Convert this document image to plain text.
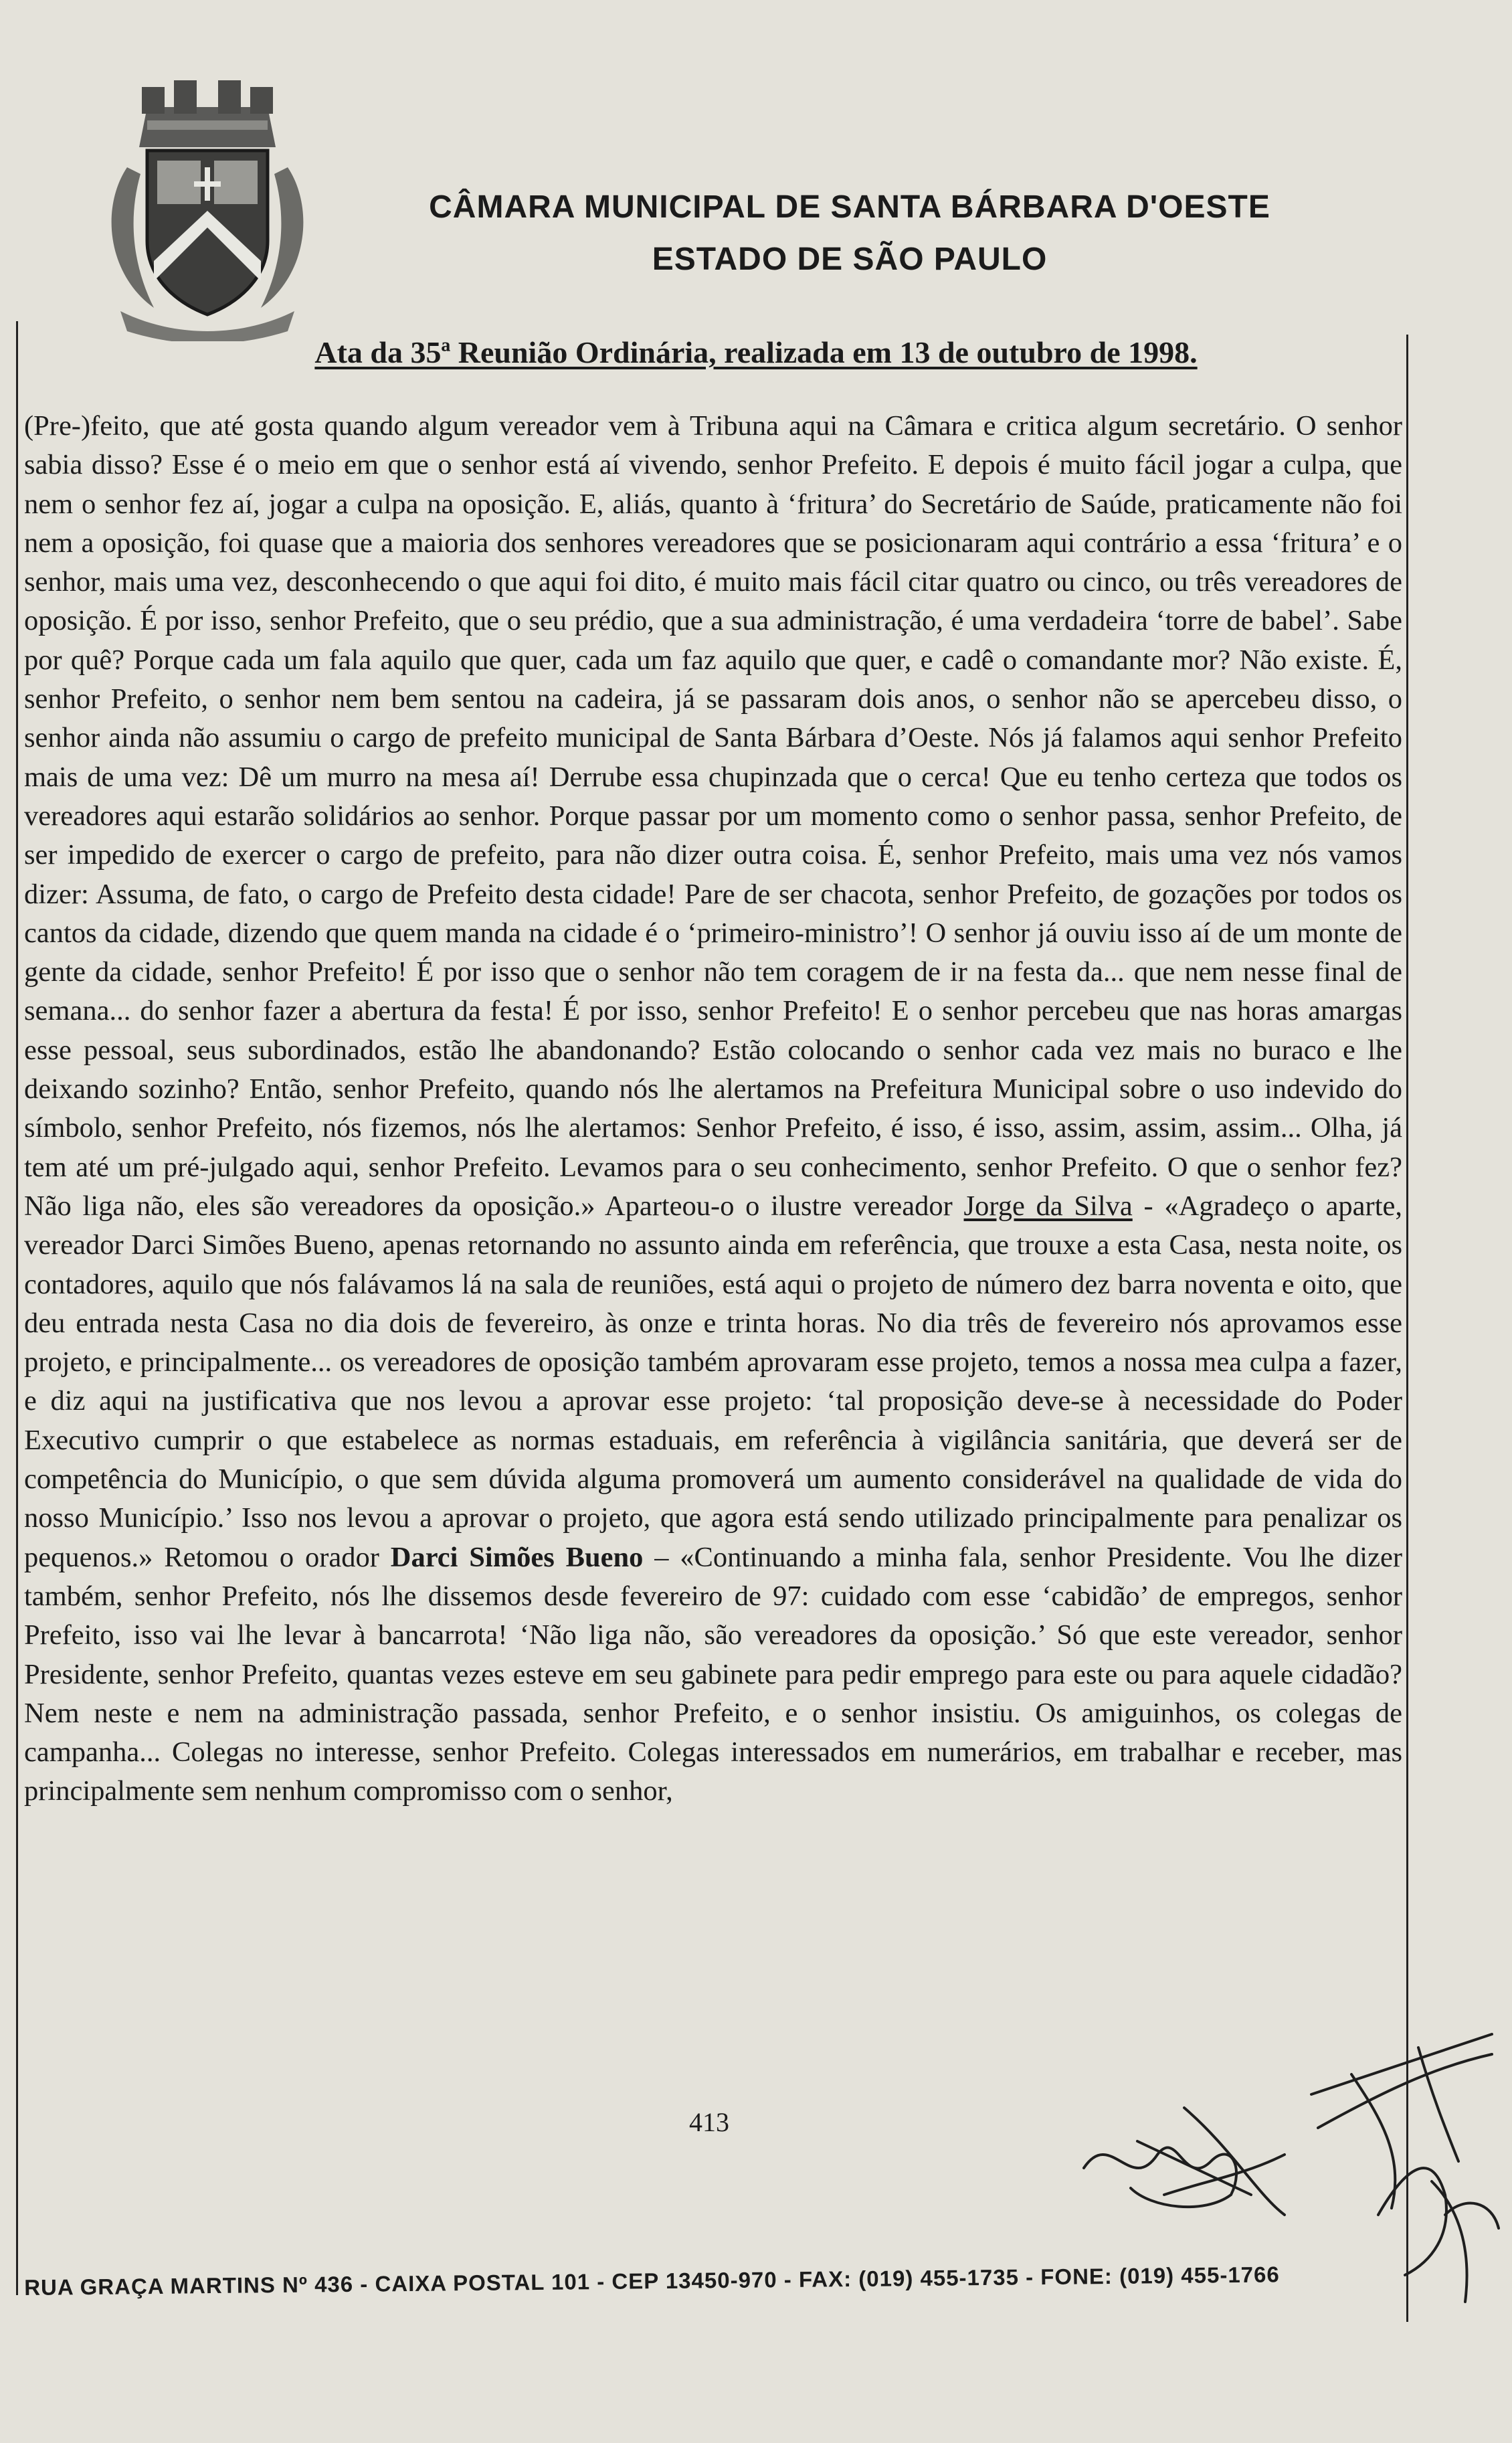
CÂMARA MUNICIPAL DE SANTA BÁRBARA D'OESTE
ESTADO DE SÃO PAULO
Ata da 35ª Reunião Ordinária, realizada em 13 de outubro de 1998.
(Pre-)feito, que até gosta quando algum vereador vem à Tribuna aqui na Câmara e critica algum secretário. O senhor sabia disso? Esse é o meio em que o senhor está aí vivendo, senhor Prefeito. E depois é muito fácil jogar a culpa, que nem o senhor fez aí, jogar a culpa na oposição. E, aliás, quanto à ‘fritura’ do Secretário de Saúde, praticamente não foi nem a oposição, foi quase que a maioria dos senhores vereadores que se posicionaram aqui contrário a essa ‘fritura’ e o senhor, mais uma vez, desconhecendo o que aqui foi dito, é muito mais fácil citar quatro ou cinco, ou três vereadores de oposição. É por isso, senhor Prefeito, que o seu prédio, que a sua administração, é uma verdadeira ‘torre de babel’. Sabe por quê? Porque cada um fala aquilo que quer, cada um faz aquilo que quer, e cadê o comandante mor? Não existe. É, senhor Prefeito, o senhor nem bem sentou na cadeira, já se passaram dois anos, o senhor não se apercebeu disso, o senhor ainda não assumiu o cargo de prefeito municipal de Santa Bárbara d’Oeste. Nós já falamos aqui senhor Prefeito mais de uma vez: Dê um murro na mesa aí! Derrube essa chupinzada que o cerca! Que eu tenho certeza que todos os vereadores aqui estarão solidários ao senhor. Porque passar por um momento como o senhor passa, senhor Prefeito, de ser impedido de exercer o cargo de prefeito, para não dizer outra coisa. É, senhor Prefeito, mais uma vez nós vamos dizer: Assuma, de fato, o cargo de Prefeito desta cidade! Pare de ser chacota, senhor Prefeito, de gozações por todos os cantos da cidade, dizendo que quem manda na cidade é o ‘primeiro-ministro’! O senhor já ouviu isso aí de um monte de gente da cidade, senhor Prefeito! É por isso que o senhor não tem coragem de ir na festa da... que nem nesse final de semana... do senhor fazer a abertura da festa! É por isso, senhor Prefeito! E o senhor percebeu que nas horas amargas esse pessoal, seus subordinados, estão lhe abandonando? Estão colocando o senhor cada vez mais no buraco e lhe deixando sozinho? Então, senhor Prefeito, quando nós lhe alertamos na Prefeitura Municipal sobre o uso indevido do símbolo, senhor Prefeito, nós fizemos, nós lhe alertamos: Senhor Prefeito, é isso, é isso, assim, assim, assim... Olha, já tem até um pré-julgado aqui, senhor Prefeito. Levamos para o seu conhecimento, senhor Prefeito. O que o senhor fez? Não liga não, eles são vereadores da oposição.» Aparteou-o o ilustre vereador Jorge da Silva - «Agradeço o aparte, vereador Darci Simões Bueno, apenas retornando no assunto ainda em referência, que trouxe a esta Casa, nesta noite, os contadores, aquilo que nós falávamos lá na sala de reuniões, está aqui o projeto de número dez barra noventa e oito, que deu entrada nesta Casa no dia dois de fevereiro, às onze e trinta horas. No dia três de fevereiro nós aprovamos esse projeto, e principalmente... os vereadores de oposição também aprovaram esse projeto, temos a nossa mea culpa a fazer, e diz aqui na justificativa que nos levou a aprovar esse projeto: ‘tal proposição deve-se à necessidade do Poder Executivo cumprir o que estabelece as normas estaduais, em referência à vigilância sanitária, que deverá ser de competência do Município, o que sem dúvida alguma promoverá um aumento considerável na qualidade de vida do nosso Município.’ Isso nos levou a aprovar o projeto, que agora está sendo utilizado principalmente para penalizar os pequenos.» Retomou o orador Darci Simões Bueno – «Continuando a minha fala, senhor Presidente. Vou lhe dizer também, senhor Prefeito, nós lhe dissemos desde fevereiro de 97: cuidado com esse ‘cabidão’ de empregos, senhor Prefeito, isso vai lhe levar à bancarrota! ‘Não liga não, são vereadores da oposição.’ Só que este vereador, senhor Presidente, senhor Prefeito, quantas vezes esteve em seu gabinete para pedir emprego para este ou para aquele cidadão? Nem neste e nem na administração passada, senhor Prefeito, e o senhor insistiu. Os amiguinhos, os colegas de campanha... Colegas no interesse, senhor Prefeito. Colegas interessados em numerários, em trabalhar e receber, mas principalmente sem nenhum compromisso com o senhor,
413
RUA GRAÇA MARTINS Nº 436 - CAIXA POSTAL 101 - CEP 13450-970 - FAX: (019) 455-1735 - FONE: (019) 455-1766
